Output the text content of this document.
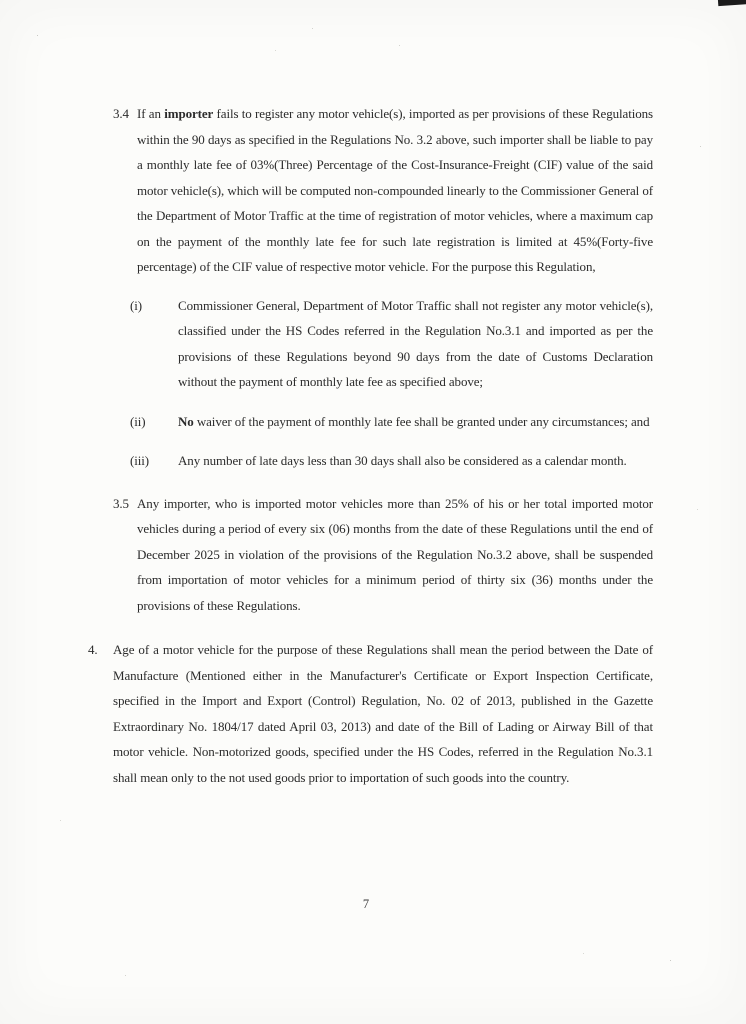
3.4 If an importer fails to register any motor vehicle(s), imported as per provisions of these Regulations within the 90 days as specified in the Regulations No. 3.2 above, such importer shall be liable to pay a monthly late fee of 03%(Three) Percentage of the Cost-Insurance-Freight (CIF) value of the said motor vehicle(s), which will be computed non-compounded linearly to the Commissioner General of the Department of Motor Traffic at the time of registration of motor vehicles, where a maximum cap on the payment of the monthly late fee for such late registration is limited at 45%(Forty-five percentage) of the CIF value of respective motor vehicle. For the purpose this Regulation,

(i)	Commissioner General, Department of Motor Traffic shall not register any motor vehicle(s), classified under the HS Codes referred in the Regulation No.3.1 and imported as per the provisions of these Regulations beyond 90 days from the date of Customs Declaration without the payment of monthly late fee as specified above;

(ii)	No waiver of the payment of monthly late fee shall be granted under any circumstances; and

(iii)	Any number of late days less than 30 days shall also be considered as a calendar month.

3.5 Any importer, who is imported motor vehicles more than 25% of his or her total imported motor vehicles during a period of every six (06) months from the date of these Regulations until the end of December 2025 in violation of the provisions of the Regulation No.3.2 above, shall be suspended from importation of motor vehicles for a minimum period of thirty six (36) months under the provisions of these Regulations.

4.	Age of a motor vehicle for the purpose of these Regulations shall mean the period between the Date of Manufacture (Mentioned either in the Manufacturer's Certificate or Export Inspection Certificate, specified in the Import and Export (Control) Regulation, No. 02 of 2013, published in the Gazette Extraordinary No. 1804/17 dated April 03, 2013) and date of the Bill of Lading or Airway Bill of that motor vehicle. Non-motorized goods, specified under the HS Codes, referred in the Regulation No.3.1 shall mean only to the not used goods prior to importation of such goods into the country.

7
